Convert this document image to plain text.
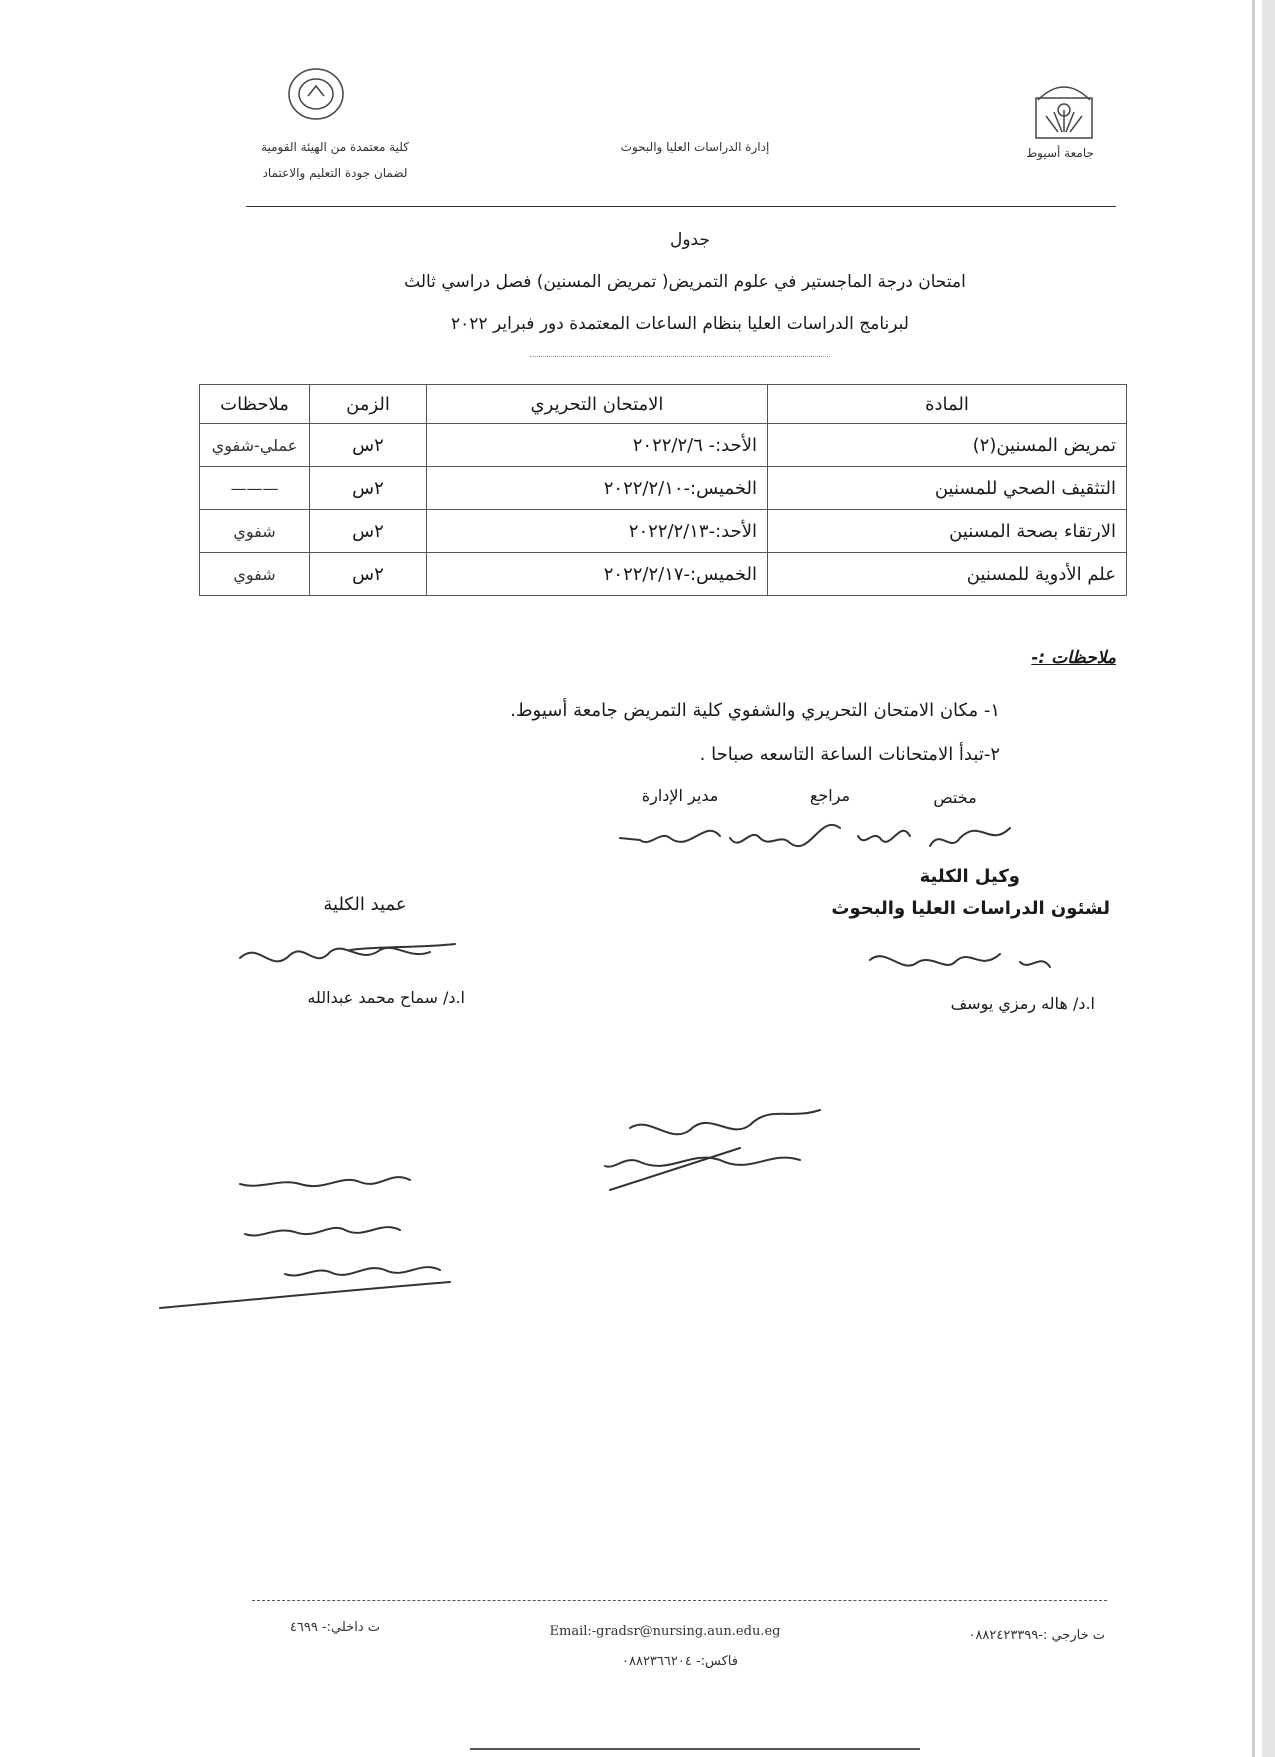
جامعة أسيوط
إدارة الدراسات العليا والبحوث
كلية معتمدة من الهيئة القومية
لضمان جودة التعليم والاعتماد
جدول
امتحان درجة الماجستير في علوم التمريض( تمريض المسنين) فصل دراسي ثالث
لبرنامج الدراسات العليا بنظام الساعات المعتمدة دور فبراير ٢٠٢٢
المادة	الامتحان التحريري	الزمن	ملاحظات
تمريض المسنين(٢)	الأحد:- ٢٠٢٢/٢/٦	٢س	عملي-شفوي
التثقيف الصحي للمسنين	الخميس:-٢٠٢٢/٢/١٠	٢س	———
الارتقاء بصحة المسنين	الأحد:-٢٠٢٢/٢/١٣	٢س	شفوي
علم الأدوية للمسنين	الخميس:-٢٠٢٢/٢/١٧	٢س	شفوي
ملاحظات :-
١- مكان الامتحان التحريري والشفوي كلية التمريض جامعة أسيوط.
٢-تبدأ الامتحانات الساعة التاسعه صباحا .
مختص
مراجع
مدير الإدارة
وكيل الكلية
لشئون الدراسات العليا والبحوث
ا.د/ هاله رمزي يوسف
عميد الكلية
ا.د/ سماح محمد عبدالله
ت خارجي :-٠٨٨٢٤٢٣٣٩٩
Email:-gradsr@nursing.aun.edu.eg
ت داخلي:- ٤٦٩٩
فاكس:- ٠٨٨٢٣٦٦٢٠٤
